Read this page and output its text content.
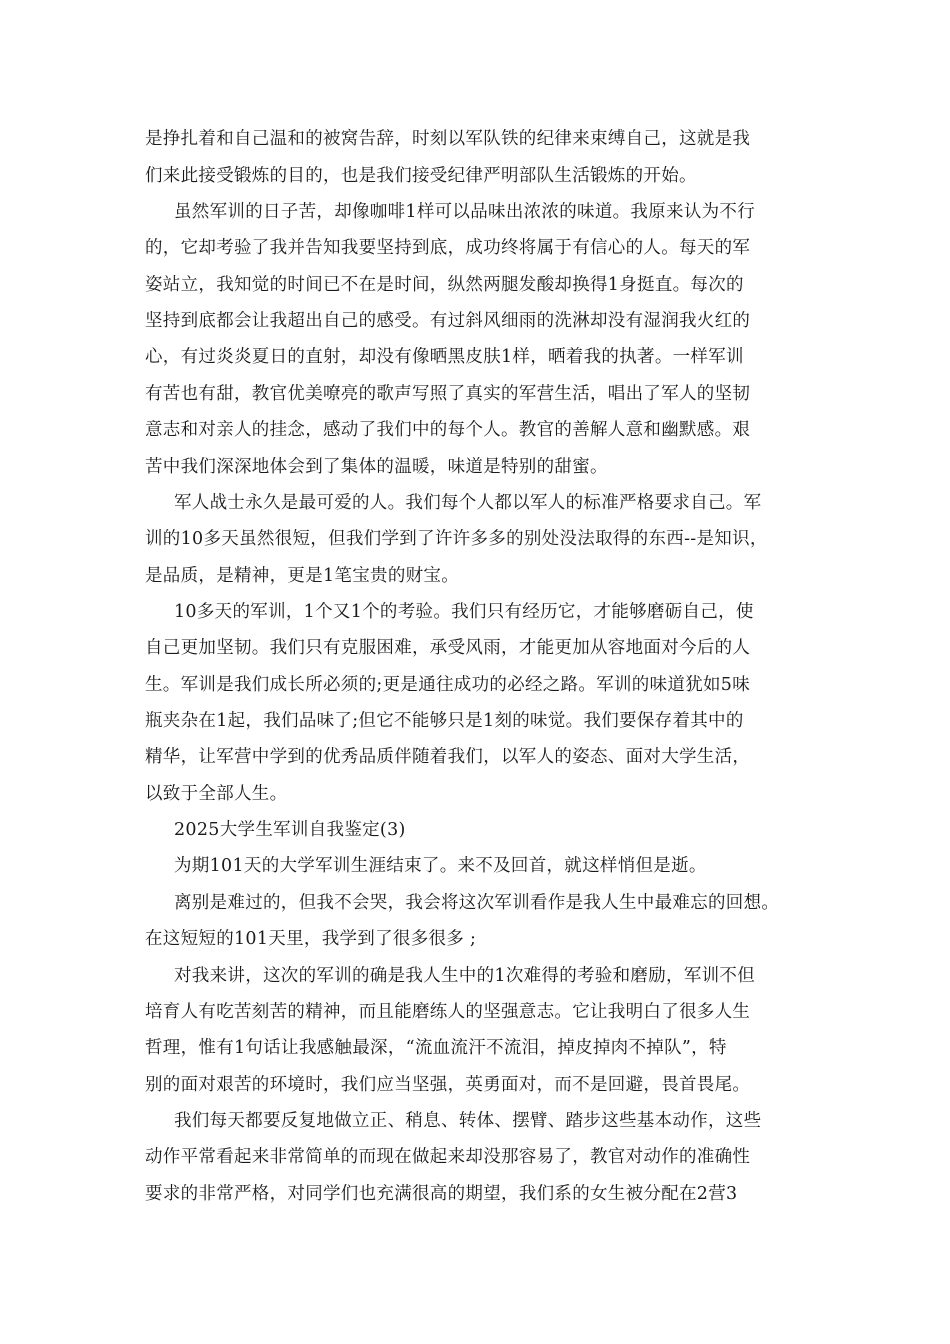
是挣扎着和自己温和的被窝告辞，时刻以军队铁的纪律来束缚自己，这就是我
们来此接受锻炼的目的，也是我们接受纪律严明部队生活锻炼的开始。
虽然军训的日子苦，却像咖啡1样可以品味出浓浓的味道。我原来认为不行
的，它却考验了我并告知我要坚持到底，成功终将属于有信心的人。每天的军
姿站立，我知觉的时间已不在是时间，纵然两腿发酸却换得1身挺直。每次的
坚持到底都会让我超出自己的感受。有过斜风细雨的洗淋却没有湿润我火红的
心，有过炎炎夏日的直射，却没有像晒黑皮肤1样，晒着我的执著。一样军训
有苦也有甜，教官优美嘹亮的歌声写照了真实的军营生活，唱出了军人的坚韧
意志和对亲人的挂念，感动了我们中的每个人。教官的善解人意和幽默感。艰
苦中我们深深地体会到了集体的温暖，味道是特别的甜蜜。
军人战士永久是最可爱的人。我们每个人都以军人的标准严格要求自己。军
训的10多天虽然很短，但我们学到了许许多多的别处没法取得的东西--是知识，
是品质，是精神，更是1笔宝贵的财宝。
10多天的军训，1个又1个的考验。我们只有经历它，才能够磨砺自己，使
自己更加坚韧。我们只有克服困难，承受风雨，才能更加从容地面对今后的人
生。军训是我们成长所必须的;更是通往成功的必经之路。军训的味道犹如5味
瓶夹杂在1起，我们品味了;但它不能够只是1刻的味觉。我们要保存着其中的
精华，让军营中学到的优秀品质伴随着我们，以军人的姿态、面对大学生活，
以致于全部人生。
2025大学生军训自我鉴定(3)
为期101天的大学军训生涯结束了。来不及回首，就这样悄但是逝。
离别是难过的，但我不会哭，我会将这次军训看作是我人生中最难忘的回想。
在这短短的101天里，我学到了很多很多 ;
对我来讲，这次的军训的确是我人生中的1次难得的考验和磨励，军训不但
培育人有吃苦刻苦的精神，而且能磨练人的坚强意志。它让我明白了很多人生
哲理，惟有1句话让我感触最深，“流血流汗不流泪，掉皮掉肉不掉队”，特
别的面对艰苦的环境时，我们应当坚强，英勇面对，而不是回避，畏首畏尾。
我们每天都要反复地做立正、稍息、转体、摆臂、踏步这些基本动作，这些
动作平常看起来非常简单的而现在做起来却没那容易了，教官对动作的准确性
要求的非常严格，对同学们也充满很高的期望，我们系的女生被分配在2营3
